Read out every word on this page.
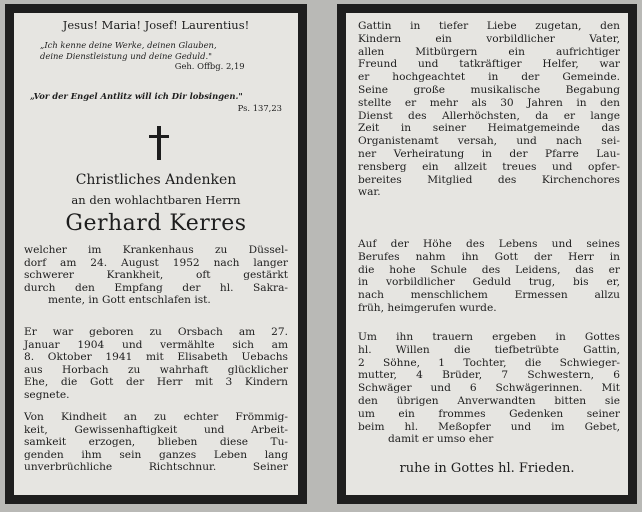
Jesus! Maria! Josef! Laurentius!
„Ich kenne deine Werke, deinen Glauben,
deine Dienstleistung und deine Geduld."
Geh. Offbg. 2,19
„Vor der Engel Antlitz will ich Dir lobsingen."
Ps. 137,23
Christliches Andenken
an den wohlachtbaren Herrn
Gerhard Kerres
welcher im Krankenhaus zu Düssel-
dorf am 24. August 1952 nach langer
schwerer Krankheit, oft gestärkt
durch den Empfang der hl. Sakra-
mente, in Gott entschlafen ist.
Er war geboren zu Orsbach am 27.
Januar 1904 und vermählte sich am
8. Oktober 1941 mit Elisabeth Uebachs
aus Horbach zu wahrhaft glücklicher
Ehe, die Gott der Herr mit 3 Kindern
segnete.
Von Kindheit an zu echter Frömmig-
keit, Gewissenhaftigkeit und Arbeit-
samkeit erzogen, blieben diese Tu-
genden ihm sein ganzes Leben lang
unverbrüchliche Richtschnur. Seiner
Gattin in tiefer Liebe zugetan, den
Kindern ein vorbildlicher Vater,
allen Mitbürgern ein aufrichtiger
Freund und tatkräftiger Helfer, war
er hochgeachtet in der Gemeinde.
Seine große musikalische Begabung
stellte er mehr als 30 Jahren in den
Dienst des Allerhöchsten, da er lange
Zeit in seiner Heimatgemeinde das
Organistenamt versah, und nach sei-
ner Verheiratung in der Pfarre Lau-
rensberg ein allzeit treues und opfer-
bereites Mitglied des Kirchenchores
war.
Auf der Höhe des Lebens und seines
Berufes nahm ihn Gott der Herr in
die hohe Schule des Leidens, das er
in vorbildlicher Geduld trug, bis er,
nach menschlichem Ermessen allzu
früh, heimgerufen wurde.
Um ihn trauern ergeben in Gottes
hl. Willen die tiefbetrübte Gattin,
2 Söhne, 1 Tochter, die Schwieger-
mutter, 4 Brüder, 7 Schwestern, 6
Schwäger und 6 Schwägerinnen. Mit
den übrigen Anverwandten bitten sie
um ein frommes Gedenken seiner
beim hl. Meßopfer und im Gebet,
damit er umso eher
ruhe in Gottes hl. Frieden.
